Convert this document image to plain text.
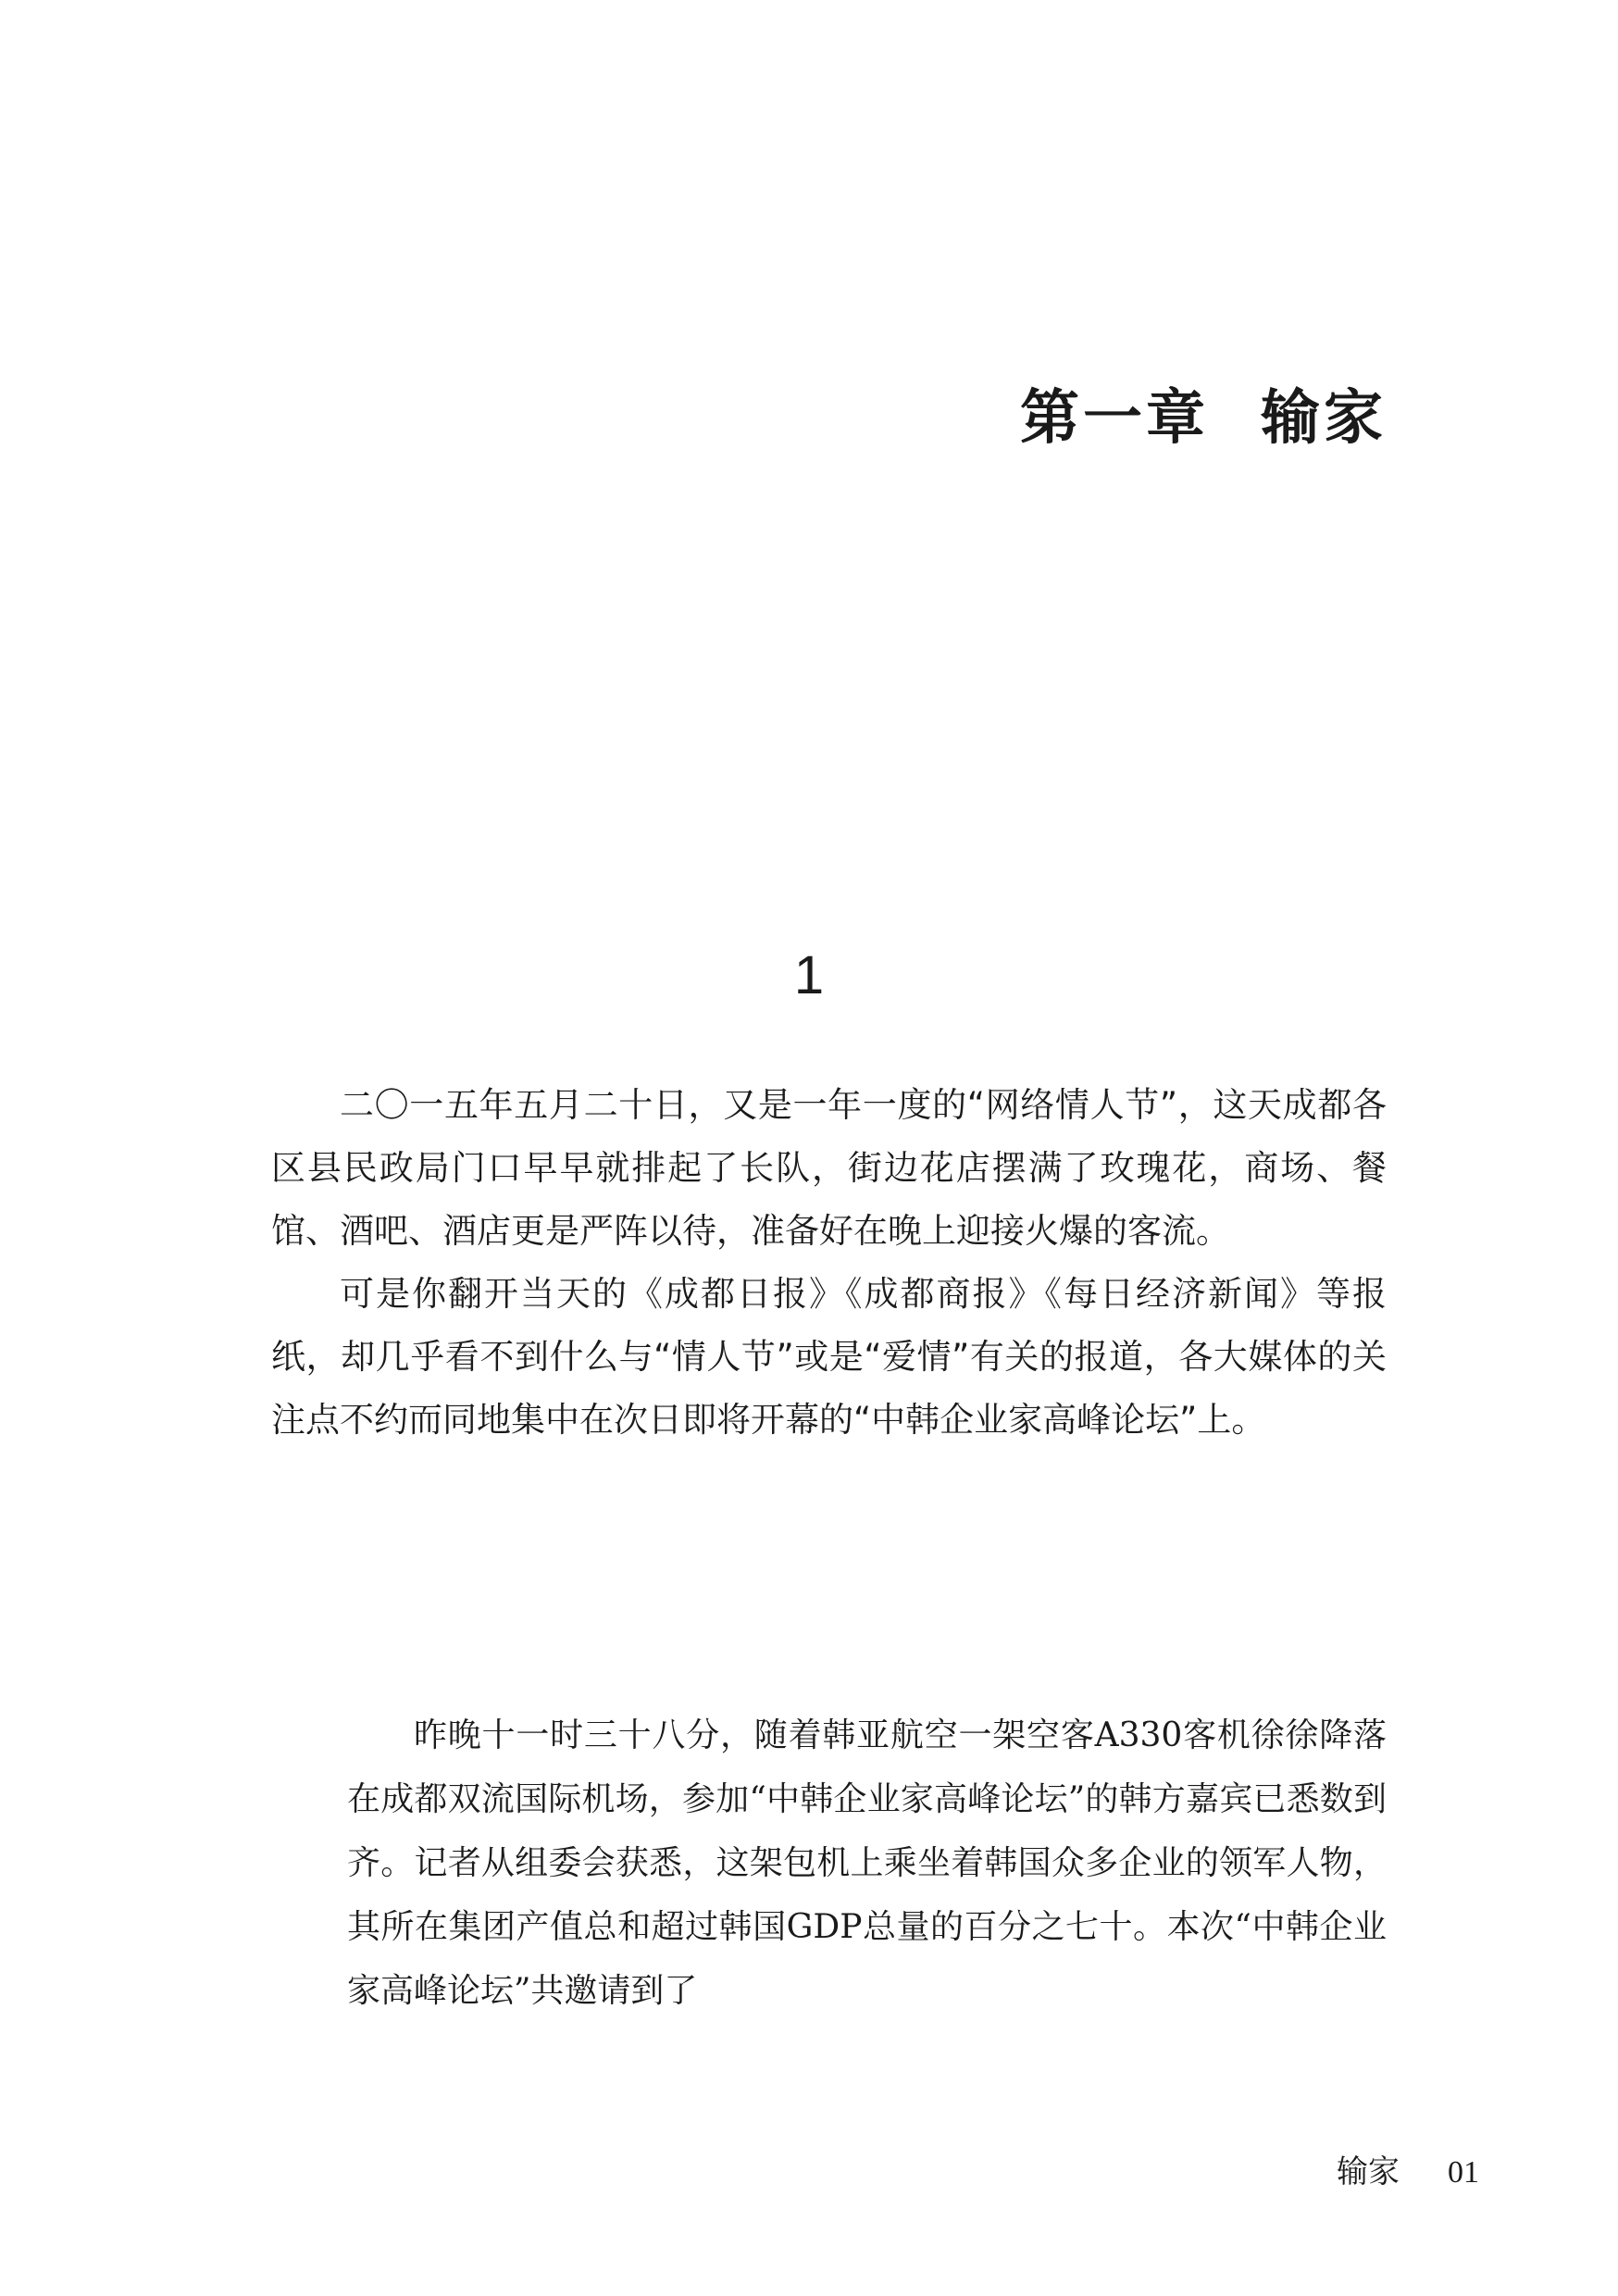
第一章 输家
1

二〇一五年五月二十日，又是一年一度的“网络情人节”，这天成都各区县民政局门口早早就排起了长队，街边花店摆满了玫瑰花，商场、餐馆、酒吧、酒店更是严阵以待，准备好在晚上迎接火爆的客流。

可是你翻开当天的《成都日报》《成都商报》《每日经济新闻》等报纸，却几乎看不到什么与“情人节”或是“爱情”有关的报道，各大媒体的关注点不约而同地集中在次日即将开幕的“中韩企业家高峰论坛”上。

昨晚十一时三十八分，随着韩亚航空一架空客A330客机徐徐降落在成都双流国际机场，参加“中韩企业家高峰论坛”的韩方嘉宾已悉数到齐。记者从组委会获悉，这架包机上乘坐着韩国众多企业的领军人物，其所在集团产值总和超过韩国GDP总量的百分之七十。本次“中韩企业家高峰论坛”共邀请到了

输家 01
